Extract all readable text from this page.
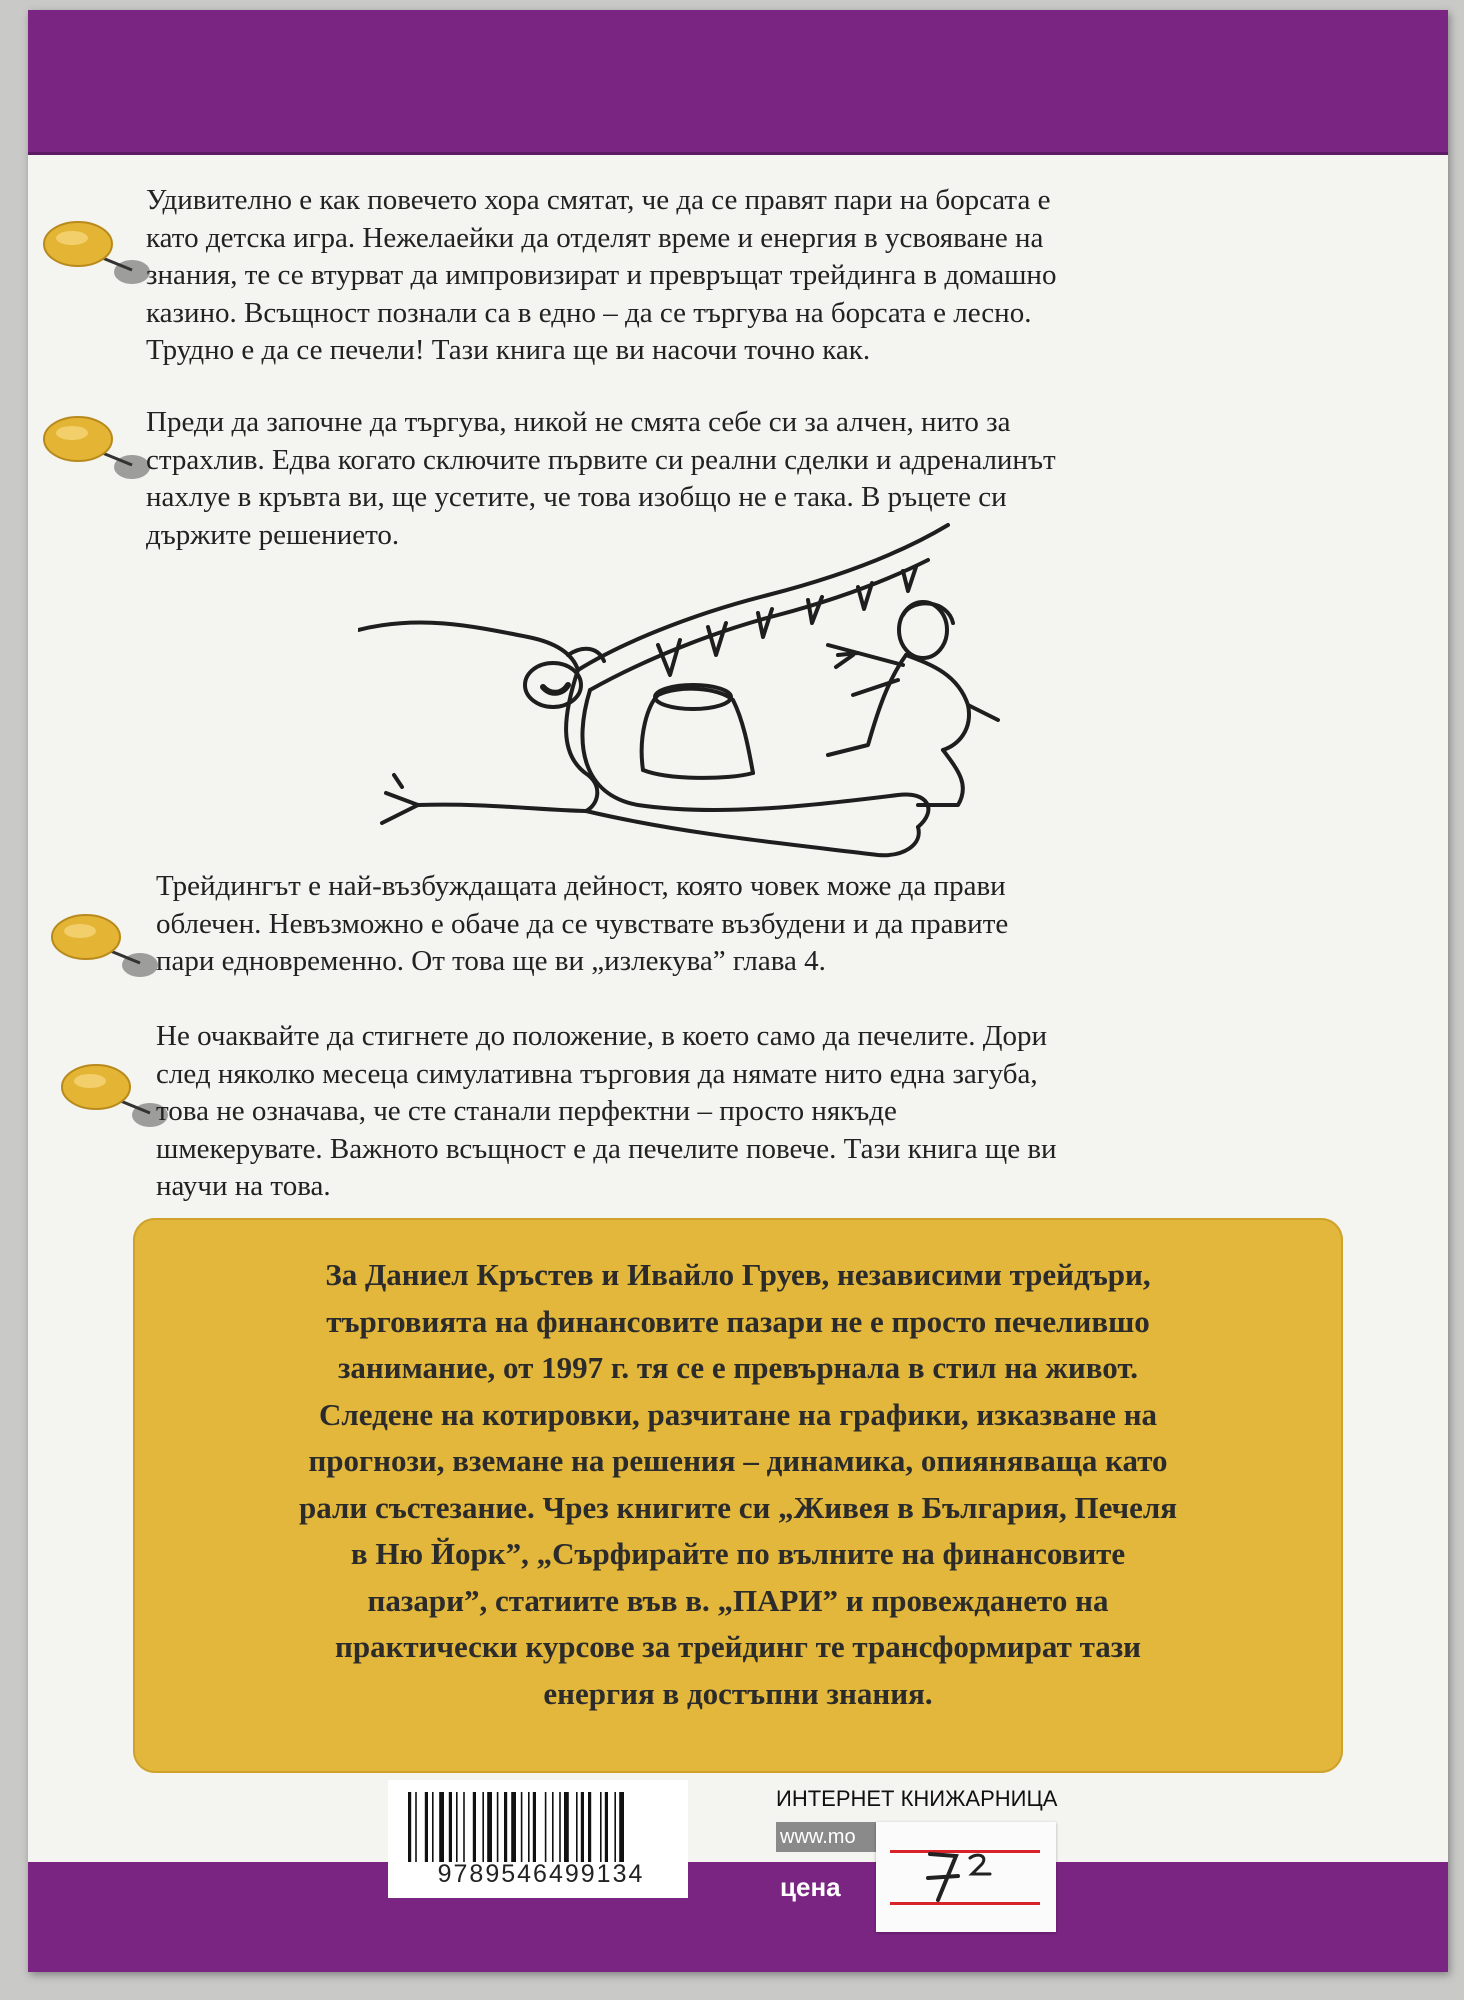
Удивително е как повечето хора смятат, че да се правят пари на борсата е
като детска игра. Нежелаейки да отделят време и енергия в усвояване на
знания, те се втурват да импровизират и превръщат трейдинга в домашно
казино. Всъщност познали са в едно – да се търгува на борсата е лесно.
Трудно е да се печели! Тази книга ще ви насочи точно как.

Преди да започне да търгува, никой не смята себе си за алчен, нито за
страхлив. Едва когато сключите първите си реални сделки и адреналинът
нахлуе в кръвта ви, ще усетите, че това изобщо не е така. В ръцете си
държите решението.

Трейдингът е най-възбуждащата дейност, която човек може да прави
облечен. Невъзможно е обаче да се чувствате възбудени и да правите
пари едновременно. От това ще ви „излекува” глава 4.

Не очаквайте да стигнете до положение, в което само да печелите. Дори
след няколко месеца симулативна търговия да нямате нито една загуба,
това не означава, че сте станали перфектни – просто някъде
шмекерувате. Важното всъщност е да печелите повече. Тази книга ще ви
научи на това.

За Даниел Кръстев и Ивайло Груев, независими трейдъри,
търговията на финансовите пазари не е просто печелившо
занимание, от 1997 г. тя се е превърнала в стил на живот.
Следене на котировки, разчитане на графики, изказване на
прогнози, вземане на решения – динамика, опияняваща като
рали състезание. Чрез книгите си „Живея в България, Печеля
в Ню Йорк”, „Сърфирайте по вълните на финансовите
пазари”, статиите във в. „ПАРИ” и провеждането на
практически курсове за трейдинг те трансформират тази
енергия в достъпни знания.

9789546499134
ИНТЕРНЕТ КНИЖАРНИЦА
www.mo
цена
